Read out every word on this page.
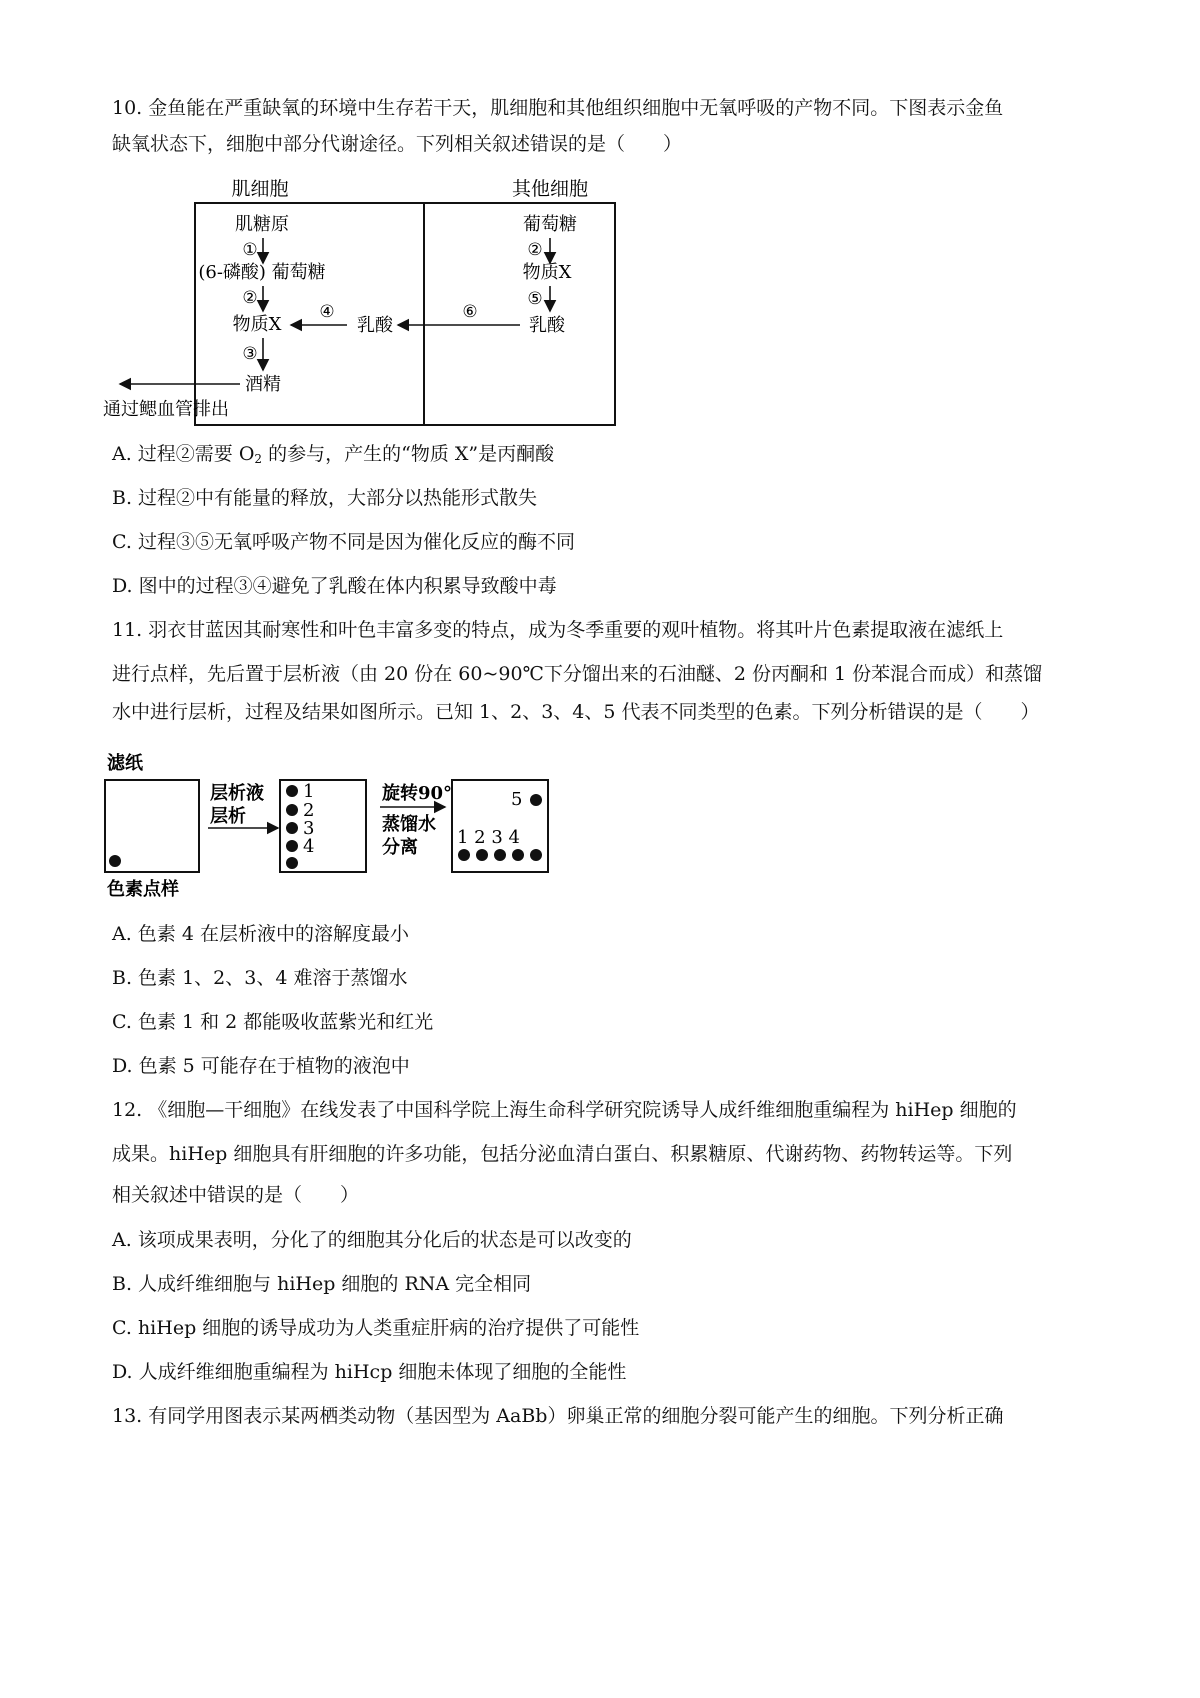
10. 金鱼能在严重缺氧的环境中生存若干天，肌细胞和其他组织细胞中无氧呼吸的产物不同。下图表示金鱼
缺氧状态下，细胞中部分代谢途径。下列相关叙述错误的是（　　）
肌细胞	其他细胞
肌糖原
①
(6-磷酸) 葡萄糖
②
物质X
③
酒精
通过鳃血管排出
④
乳酸
⑥
葡萄糖
②
物质X
⑤
乳酸
A. 过程②需要 $O_2$ 的参与，产生的“物质 X”是丙酮酸
B. 过程②中有能量的释放，大部分以热能形式散失
C. 过程③⑤无氧呼吸产物不同是因为催化反应的酶不同
D. 图中的过程③④避免了乳酸在体内积累导致酸中毒
11. 羽衣甘蓝因其耐寒性和叶色丰富多变的特点，成为冬季重要的观叶植物。将其叶片色素提取液在滤纸上
进行点样，先后置于层析液（由 20 份在 60~90℃下分馏出来的石油醚、2 份丙酮和 1 份苯混合而成）和蒸馏
水中进行层析，过程及结果如图所示。已知 1、2、3、4、5 代表不同类型的色素。下列分析错误的是（　　）
滤纸
色素点样
层析液
层析
1
2
3
4
旋转90°
蒸馏水
分离
5
1 2 3 4
A. 色素 4 在层析液中的溶解度最小
B. 色素 1、2、3、4 难溶于蒸馏水
C. 色素 1 和 2 都能吸收蓝紫光和红光
D. 色素 5 可能存在于植物的液泡中
12. 《细胞—干细胞》在线发表了中国科学院上海生命科学研究院诱导人成纤维细胞重编程为 hiHep 细胞的
成果。hiHep 细胞具有肝细胞的许多功能，包括分泌血清白蛋白、积累糖原、代谢药物、药物转运等。下列
相关叙述中错误的是（　　）
A. 该项成果表明，分化了的细胞其分化后的状态是可以改变的
B. 人成纤维细胞与 hiHep 细胞的 RNA 完全相同
C. hiHep 细胞的诱导成功为人类重症肝病的治疗提供了可能性
D. 人成纤维细胞重编程为 hiHcp 细胞未体现了细胞的全能性
13. 有同学用图表示某两栖类动物（基因型为 AaBb）卵巢正常的细胞分裂可能产生的细胞。下列分析正确
